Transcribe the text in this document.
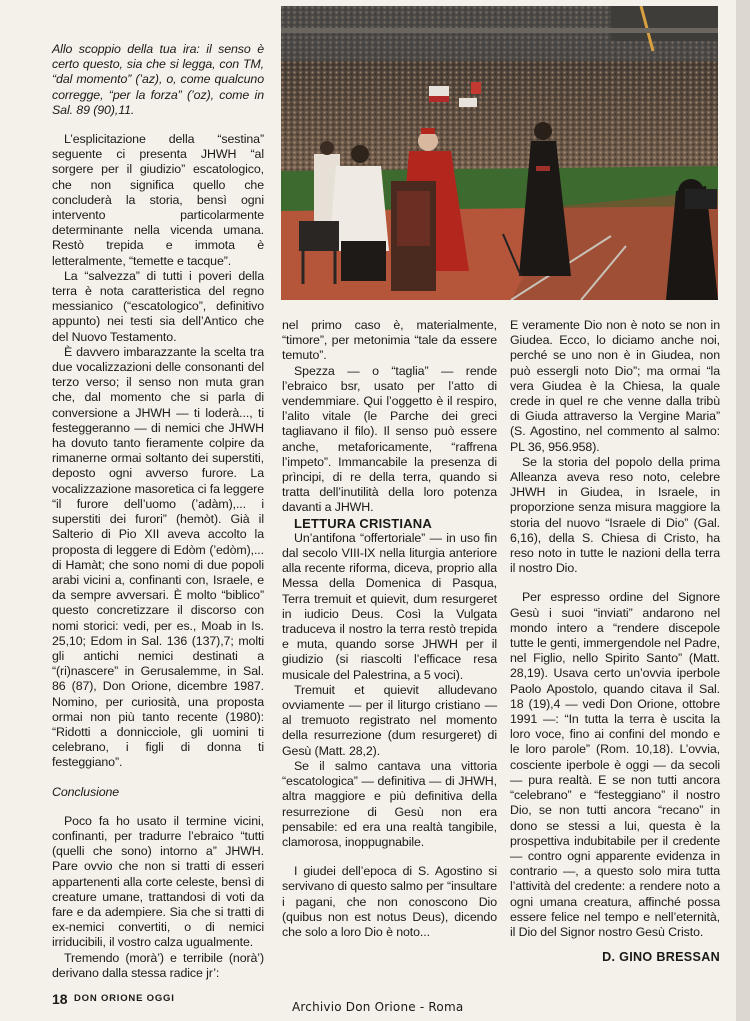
Allo scoppio della tua ira: il senso è certo questo, sia che si legga, con TM, “dal momento” (’az), o, come qualcuno corregge, “per la forza” (’oz), come in Sal. 89 (90),11.

L’esplicitazione della “sestina” seguente ci presenta JHWH “al sorgere per il giudizio” escatologico, che non significa quello che concluderà la storia, bensì ogni intervento particolarmente determinante nella vicenda umana. Restò trepida e immota è letteralmente, “temette e tacque”.

La “salvezza” di tutti i poveri della terra è nota caratteristica del regno messianico (“escatologico”, definitivo appunto) nei testi sia dell’Antico che del Nuovo Testamento.

È davvero imbarazzante la scelta tra due vocalizzazioni delle consonanti del terzo verso; il senso non muta gran che, dal momento che si parla di conversione a JHWH — ti loderà..., ti festeggeranno — di nemici che JHWH ha dovuto tanto fieramente colpire da rimanerne ormai soltanto dei superstiti, deposto ogni avverso furore. La vocalizzazione masoretica ci fa leggere “il furore dell’uomo (’adàm),... i superstiti dei furori” (hemòt). Già il Salterio di Pio XII aveva accolto la proposta di leggere di Edòm (’edòm),... di Hamàt; che sono nomi di due popoli arabi vicini a, confinanti con, Israele, e da sempre avversari. È molto “biblico” questo concretizzare il discorso con nomi storici: vedi, per es., Moab in Is. 25,10; Edom in Sal. 136 (137),7; molti gli antichi nemici destinati a “(ri)nascere” in Gerusalemme, in Sal. 86 (87), Don Orione, dicembre 1987. Nomino, per curiosità, una proposta ormai non più tanto recente (1980): “Ridotti a donnicciole, gli uomini ti celebrano, i figli di donna ti festeggiano”.

Conclusione

Poco fa ho usato il termine vicini, confinanti, per tradurre l’ebraico “tutti (quelli che sono) intorno a” JHWH. Pare ovvio che non si tratti di esseri appartenenti alla corte celeste, bensì di creature umane, trattandosi di voti da fare e da adempiere. Sia che si tratti di ex-nemici convertiti, o di nemici irriducibili, il vostro calza ugualmente.

Tremendo (morà’) e terribile (norà’) derivano dalla stessa radice jr’:

nel primo caso è, materialmente, “timore”, per metonimia “tale da essere temuto”.

Spezza — o “taglia” — rende l’ebraico bsr, usato per l’atto di vendemmiare. Qui l’oggetto è il respiro, l’alito vitale (le Parche dei greci tagliavano il filo). Il senso può essere anche, metaforicamente, “raffrena l’impeto”. Immancabile la presenza di prìncipi, di re della terra, quando si tratta dell’inutilità della loro potenza davanti a JHWH.

LETTURA CRISTIANA

Un’antifona “offertoriale” — in uso fin dal secolo VIII-IX nella liturgia anteriore alla recente riforma, diceva, proprio alla Messa della Domenica di Pasqua, Terra tremuit et quievit, dum resurgeret in iudicio Deus. Così la Vulgata traduceva il nostro la terra restò trepida e muta, quando sorse JHWH per il giudizio (si riascolti l’efficace resa musicale del Palestrina, a 5 voci).

Tremuit et quievit alludevano ovviamente — per il liturgo cristiano — al tremuoto registrato nel momento della resurrezione (dum resurgeret) di Gesù (Matt. 28,2).

Se il salmo cantava una vittoria “escatologica” — definitiva — di JHWH, altra maggiore e più definitiva della resurrezione di Gesù non era pensabile: ed era una realtà tangibile, clamorosa, inoppugnabile.

I giudei dell’epoca di S. Agostino si servivano di questo salmo per “insultare i pagani, che non conoscono Dio (quibus non est notus Deus), dicendo che solo a loro Dio è noto...

E veramente Dio non è noto se non in Giudea. Ecco, lo diciamo anche noi, perché se uno non è in Giudea, non può essergli noto Dio”; ma ormai “la vera Giudea è la Chiesa, la quale crede in quel re che venne dalla tribù di Giuda attraverso la Vergine Maria” (S. Agostino, nel commento al salmo: PL 36, 956.958).

Se la storia del popolo della prima Alleanza aveva reso noto, celebre JHWH in Giudea, in Israele, in proporzione senza misura maggiore la storia del nuovo “Israele di Dio” (Gal. 6,16), della S. Chiesa di Cristo, ha reso noto in tutte le nazioni della terra il nostro Dio.

Per espresso ordine del Signore Gesù i suoi “inviati” andarono nel mondo intero a “rendere discepole tutte le genti, immergendole nel Padre, nel Figlio, nello Spirito Santo” (Matt. 28,19). Usava certo un’ovvia iperbole Paolo Apostolo, quando citava il Sal. 18 (19),4 — vedi Don Orione, ottobre 1991 —: “In tutta la terra è uscita la loro voce, fino ai confini del mondo e le loro parole” (Rom. 10,18). L’ovvia, cosciente iperbole è oggi — da secoli — pura realtà. E se non tutti ancora “celebrano” e “festeggiano” il nostro Dio, se non tutti ancora “recano” in dono se stessi a lui, questa è la prospettiva indubitabile per il credente — contro ogni apparente evidenza in contrario —, a questo solo mira tutta l’attività del credente: a rendere noto a ogni umana creatura, affinché possa essere felice nel tempo e nell’eternità, il Dio del Signor nostro Gesù Cristo.

D. GINO BRESSAN
18 DON ORIONE OGGI
Archivio Don Orione - Roma
